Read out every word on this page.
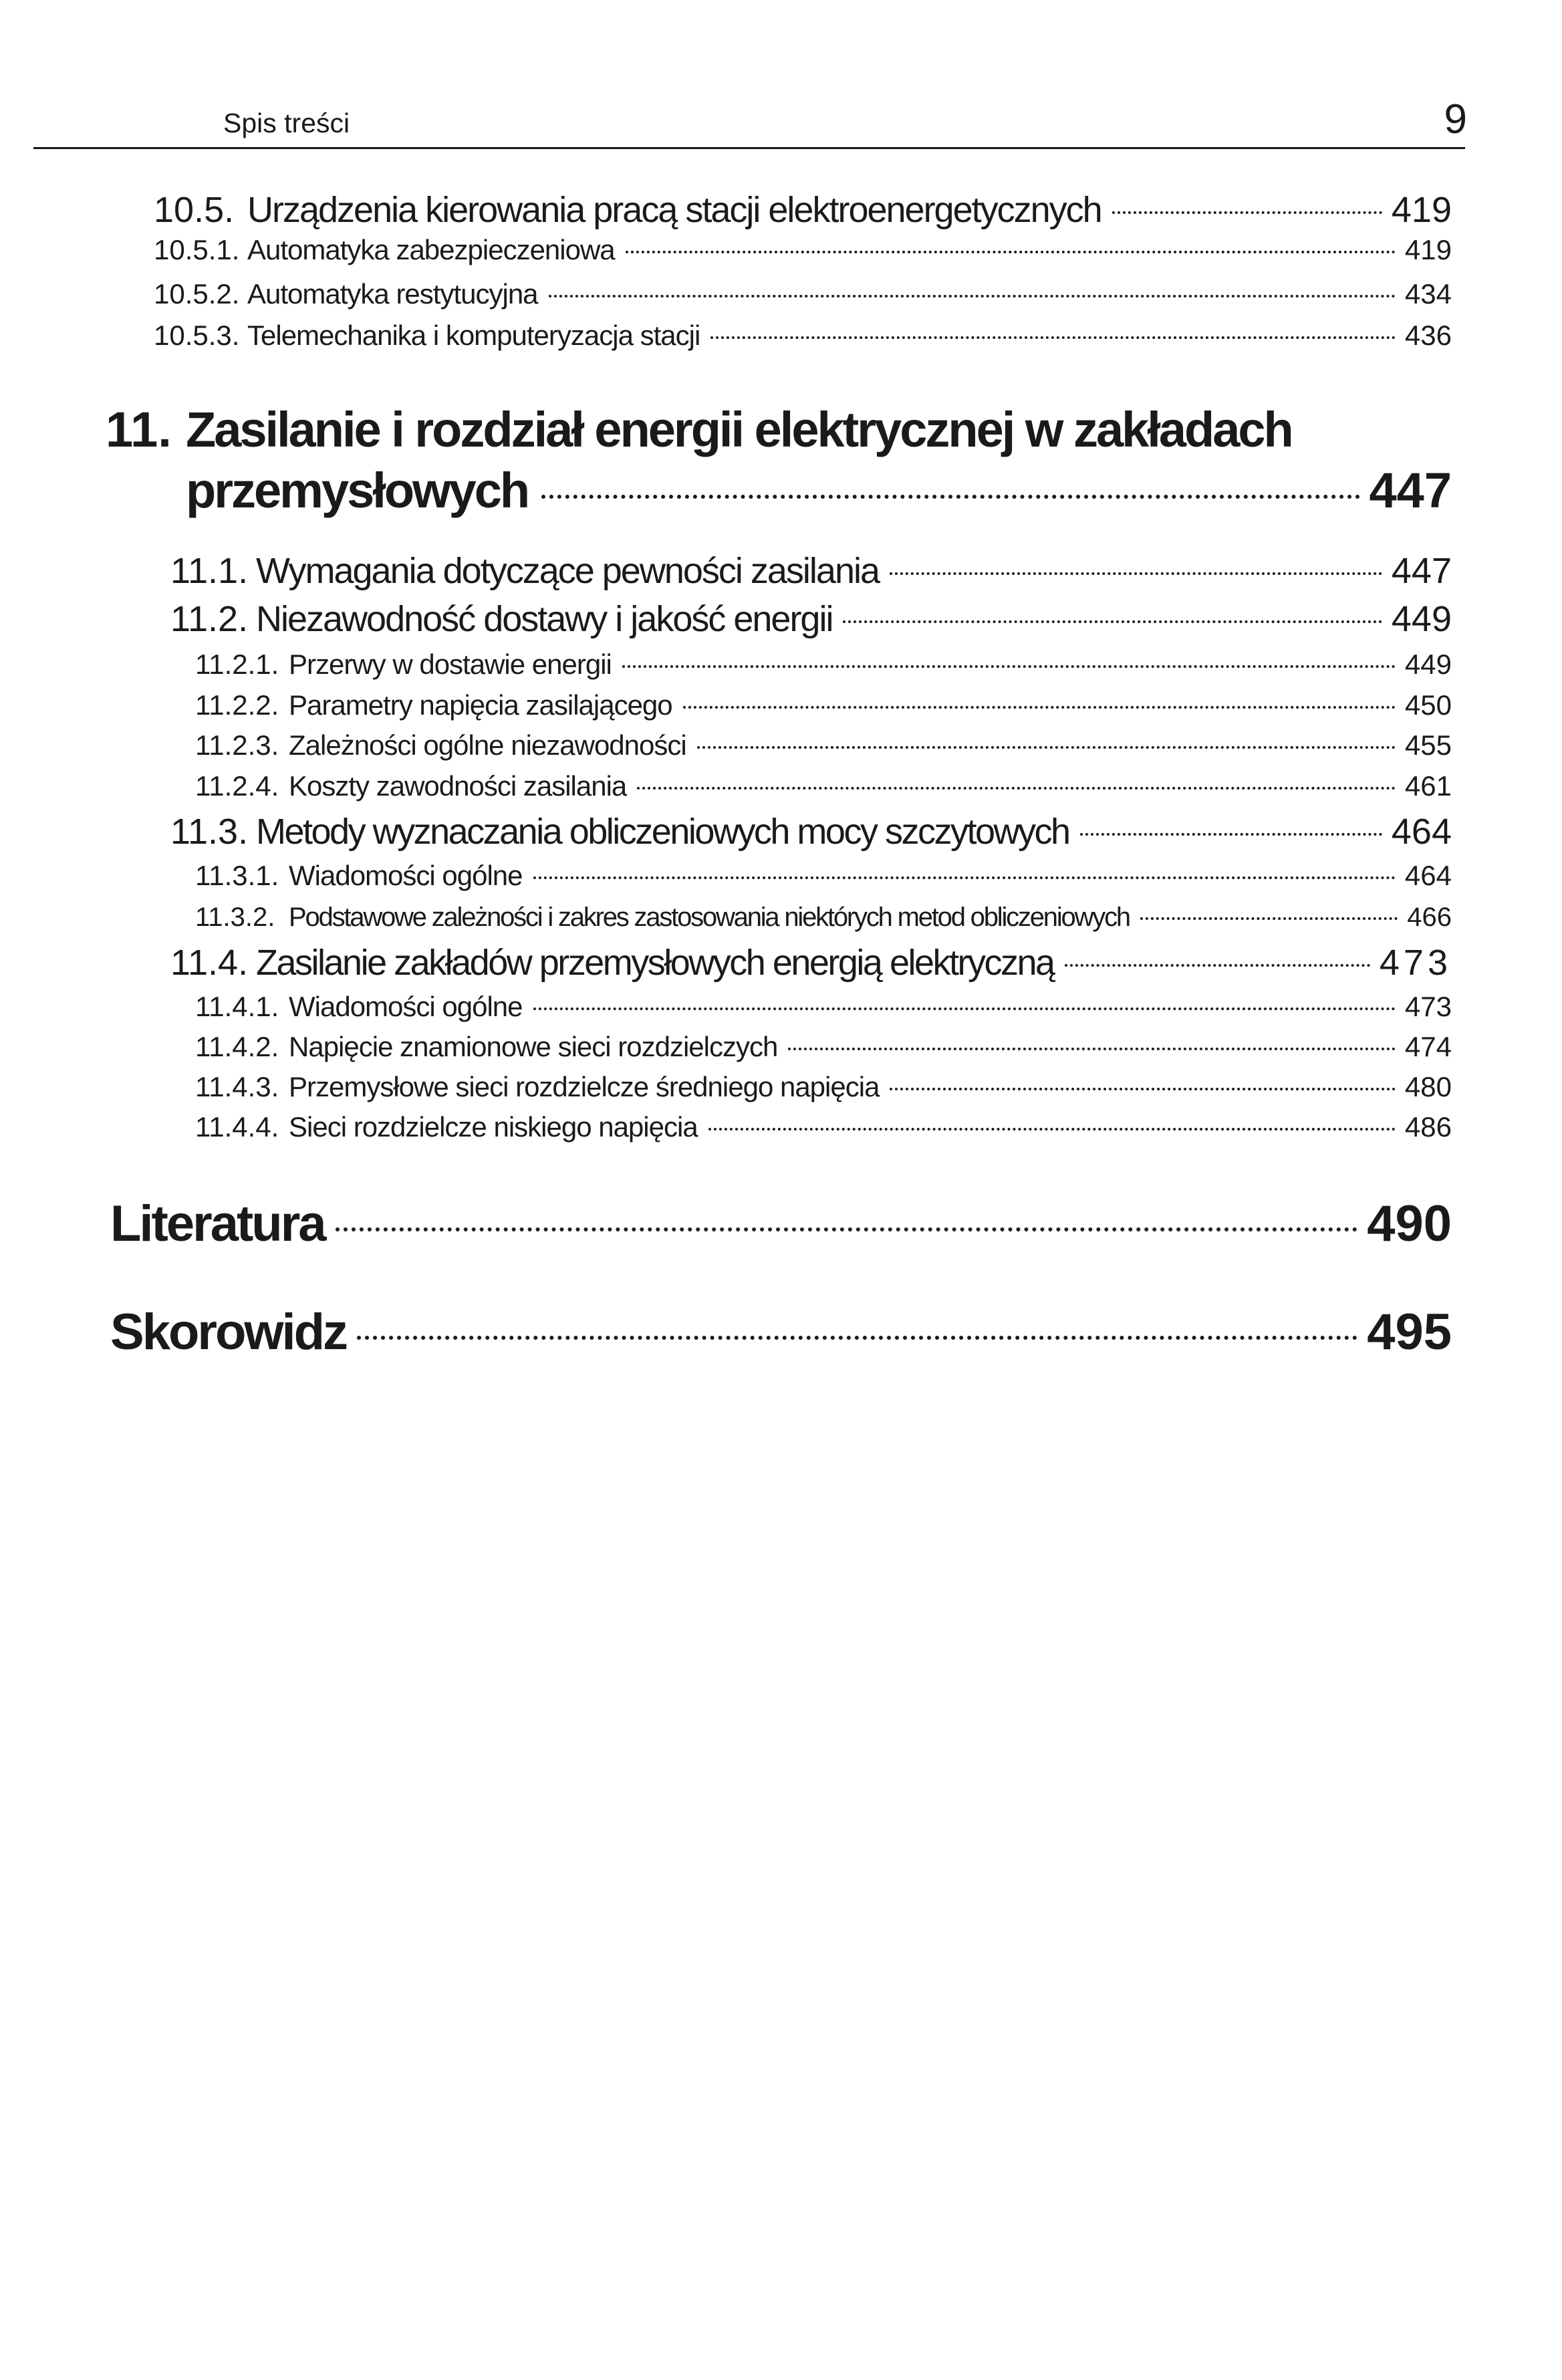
Spis treści	9
10.5. Urządzenia kierowania pracą stacji elektroenergetycznych	419
10.5.1. Automatyka zabezpieczeniowa	419
10.5.2. Automatyka restytucyjna	434
10.5.3. Telemechanika i komputeryzacja stacji	436
11. Zasilanie i rozdział energii elektrycznej w zakładach
przemysłowych	447
11.1. Wymagania dotyczące pewności zasilania	447
11.2. Niezawodność dostawy i jakość energii	449
11.2.1. Przerwy w dostawie energii	449
11.2.2. Parametry napięcia zasilającego	450
11.2.3. Zależności ogólne niezawodności	455
11.2.4. Koszty zawodności zasilania	461
11.3. Metody wyznaczania obliczeniowych mocy szczytowych	464
11.3.1. Wiadomości ogólne	464
11.3.2. Podstawowe zależności i zakres zastosowania niektórych metod obliczeniowych	466
11.4. Zasilanie zakładów przemysłowych energią elektryczną	473
11.4.1. Wiadomości ogólne	473
11.4.2. Napięcie znamionowe sieci rozdzielczych	474
11.4.3. Przemysłowe sieci rozdzielcze średniego napięcia	480
11.4.4. Sieci rozdzielcze niskiego napięcia	486
Literatura	490
Skorowidz	495
